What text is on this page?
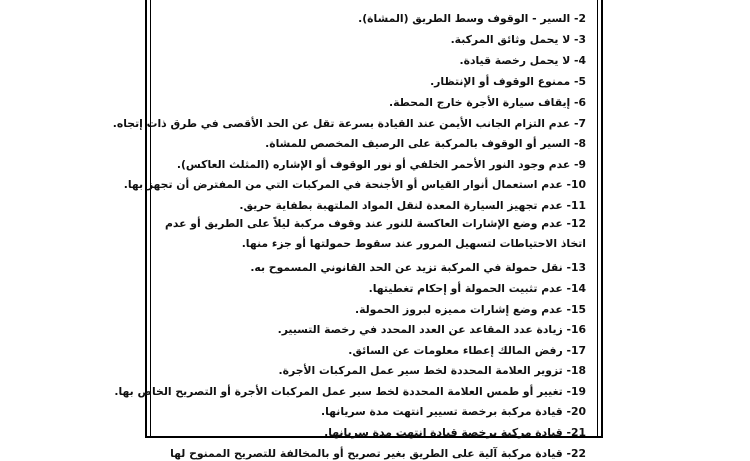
2- السير - الوقوف وسط الطريق (المشاة).
3- لا يحمل وثائق المركبة.
4- لا يحمل رخصة قيادة.
5- ممنوع الوقوف أو الإنتظار.
6- إيقاف سيارة الأجرة خارج المحطة.
7- عدم التزام الجانب الأيمن عند القيادة بسرعة تقل عن الحد الأقصى في طرق ذات إتجاه.
8- السير أو الوقوف بالمركبة على الرصيف المخصص للمشاة.
9- عدم وجود النور الأحمر الخلفي أو نور الوقوف أو الإشاره (المثلث العاكس).
10- عدم استعمال أنوار القياس أو الأجنحة في المركبات التي من المفترض أن تجهز بها.
11- عدم تجهيز السيارة المعدة لنقل المواد الملتهبة بطفاية حريق.
12- عدم وضع الإشارات العاكسة للنور عند وقوف مركبة ليلاً على الطريق أو عدم اتخاذ الاحتياطات لتسهيل المرور عند سقوط حمولتها أو جزء منها.
13- نقل حمولة في المركبة تزيد عن الحد القانوني المسموح به.
14- عدم تثبيت الحمولة أو إحكام تغطيتها.
15- عدم وضع إشارات مميزه لبروز الحمولة.
16- زيادة عدد المقاعد عن العدد المحدد في رخصة التسيير.
17- رفض المالك إعطاء معلومات عن السائق.
18- تزوير العلامة المحددة لخط سير عمل المركبات الأجرة.
19- تغيير أو طمس العلامة المحددة لخط سير عمل المركبات الأجرة أو التصريح الخاص بها.
20- قيادة مركبة برخصة تسيير انتهت مدة سريانها.
21- قيادة مركبة برخصة قيادة انتهت مدة سريانها.
22- قيادة مركبة آلية على الطريق بغير تصريح أو بالمخالفة للتصريح الممنوح لها
